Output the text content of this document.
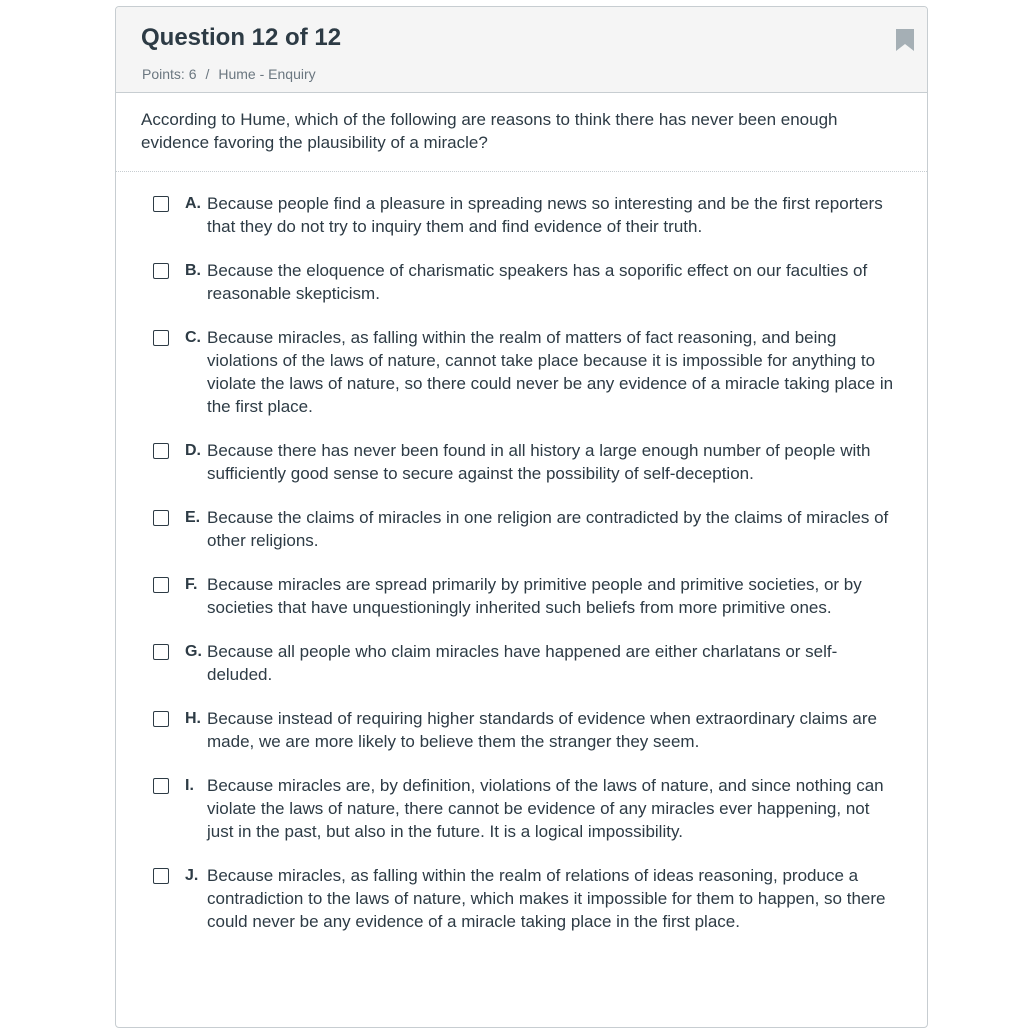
Question 12 of 12
Points: 6 / Hume - Enquiry
According to Hume, which of the following are reasons to think there has never been enough evidence favoring the plausibility of a miracle?
A. Because people find a pleasure in spreading news so interesting and be the first reporters that they do not try to inquiry them and find evidence of their truth.
B. Because the eloquence of charismatic speakers has a soporific effect on our faculties of reasonable skepticism.
C. Because miracles, as falling within the realm of matters of fact reasoning, and being violations of the laws of nature, cannot take place because it is impossible for anything to violate the laws of nature, so there could never be any evidence of a miracle taking place in the first place.
D. Because there has never been found in all history a large enough number of people with sufficiently good sense to secure against the possibility of self-deception.
E. Because the claims of miracles in one religion are contradicted by the claims of miracles of other religions.
F. Because miracles are spread primarily by primitive people and primitive societies, or by societies that have unquestioningly inherited such beliefs from more primitive ones.
G. Because all people who claim miracles have happened are either charlatans or self-deluded.
H. Because instead of requiring higher standards of evidence when extraordinary claims are made, we are more likely to believe them the stranger they seem.
I. Because miracles are, by definition, violations of the laws of nature, and since nothing can violate the laws of nature, there cannot be evidence of any miracles ever happening, not just in the past, but also in the future. It is a logical impossibility.
J. Because miracles, as falling within the realm of relations of ideas reasoning, produce a contradiction to the laws of nature, which makes it impossible for them to happen, so there could never be any evidence of a miracle taking place in the first place.
